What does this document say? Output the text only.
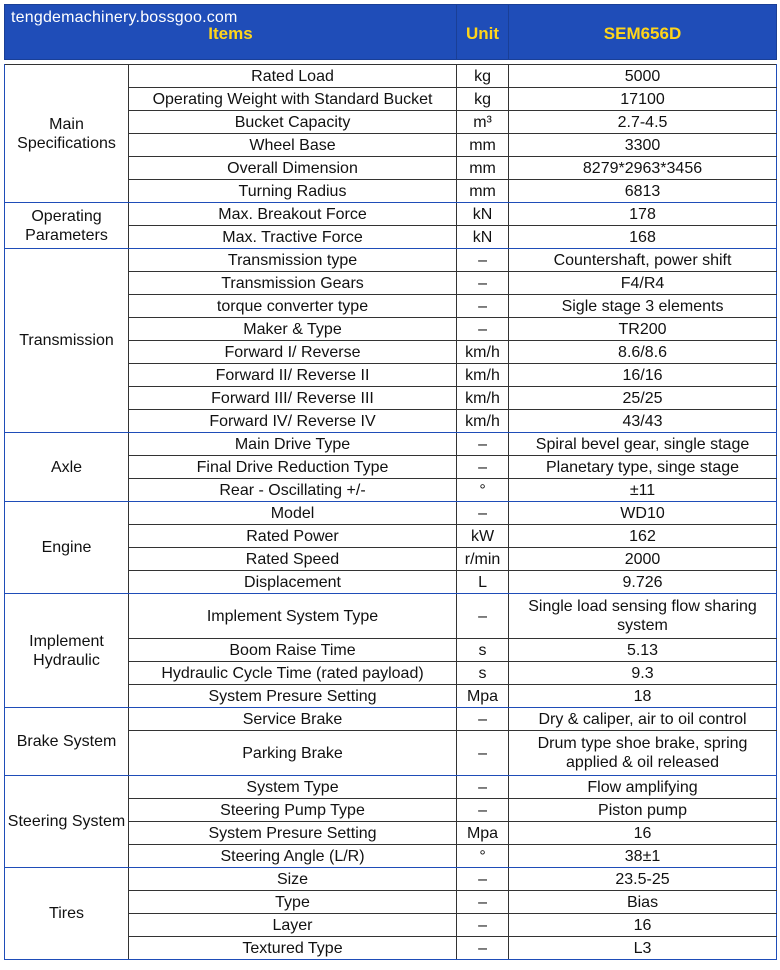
tengdemachinery.bossgoo.com
Items		Unit	SEM656D

Main Specifications	Rated Load	kg	5000
	Operating Weight with Standard Bucket	kg	17100
	Bucket Capacity	m³	2.7-4.5
	Wheel Base	mm	3300
	Overall Dimension	mm	8279*2963*3456
	Turning Radius	mm	6813
Operating Parameters	Max. Breakout Force	kN	178
	Max. Tractive Force	kN	168
Transmission	Transmission type	–	Countershaft, power shift
	Transmission Gears	–	F4/R4
	torque converter type	–	Sigle stage 3 elements
	Maker & Type	–	TR200
	Forward I/ Reverse	km/h	8.6/8.6
	Forward II/ Reverse II	km/h	16/16
	Forward III/ Reverse III	km/h	25/25
	Forward IV/ Reverse IV	km/h	43/43
Axle	Main Drive Type	–	Spiral bevel gear, single stage
	Final Drive Reduction Type	–	Planetary type, singe stage
	Rear - Oscillating +/-	°	±11
Engine	Model	–	WD10
	Rated Power	kW	162
	Rated Speed	r/min	2000
	Displacement	L	9.726
Implement Hydraulic	Implement System Type	–	Single load sensing flow sharing system
	Boom Raise Time	s	5.13
	Hydraulic Cycle Time (rated payload)	s	9.3
	System Presure Setting	Mpa	18
Brake System	Service Brake	–	Dry & caliper, air to oil control
	Parking Brake	–	Drum type shoe brake, spring applied & oil released
Steering System	System Type	–	Flow amplifying
	Steering Pump Type	–	Piston pump
	System Presure Setting	Mpa	16
	Steering Angle (L/R)	°	38±1
Tires	Size	–	23.5-25
	Type	–	Bias
	Layer	–	16
	Textured Type	–	L3
